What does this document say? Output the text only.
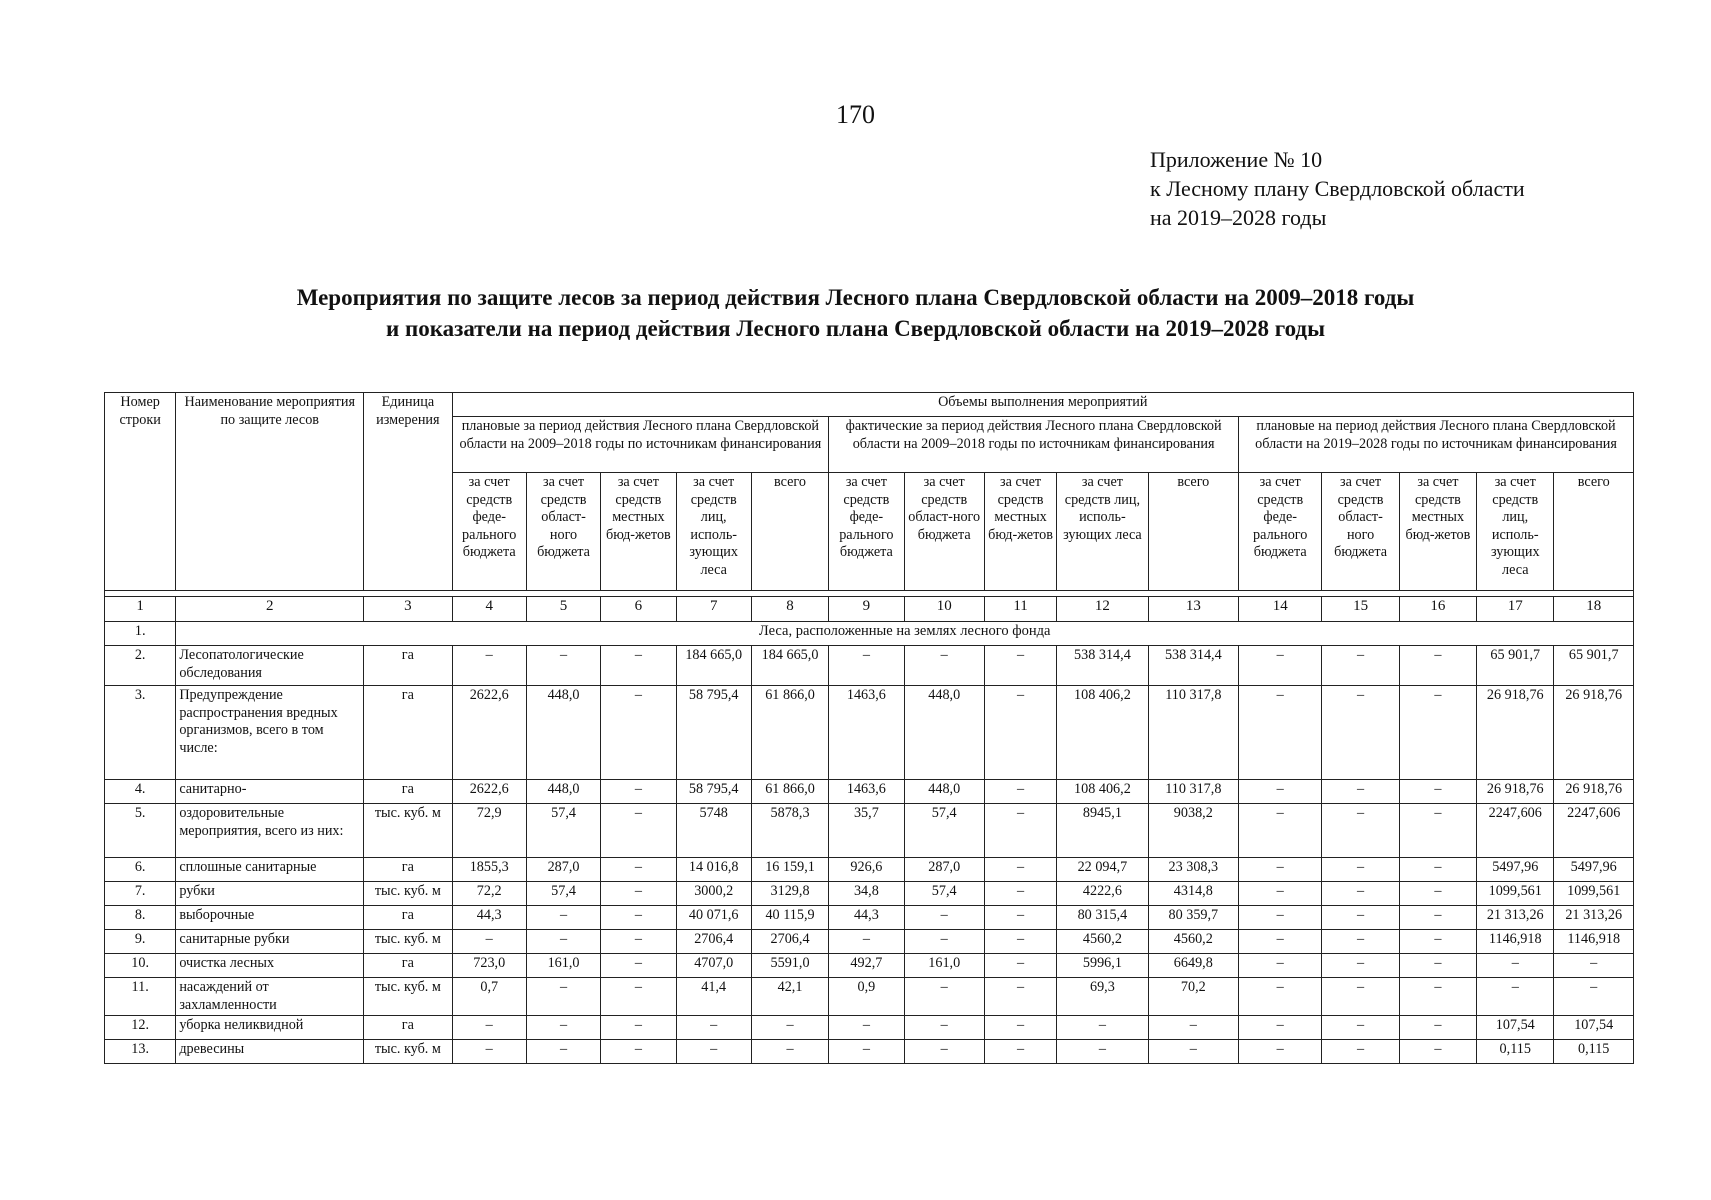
170
Приложение № 10
к Лесному плану Свердловской области
на 2019–2028 годы
Мероприятия по защите лесов за период действия Лесного плана Свердловской области на 2009–2018 годы
и показатели на период действия Лесного плана Свердловской области на 2019–2028 годы
Номер строки	Наименование мероприятия по защите лесов	Единица измерения	Объемы выполнения мероприятий														
			плановые за период действия Лесного плана Свердловской области на 2009–2018 годы по источникам финансирования					фактические за период действия Лесного плана Свердловской области на 2009–2018 годы по источникам финансирования					плановые на период действия Лесного плана Свердловской области на 2019–2028 годы по источникам финансирования				
			за счет средств феде-рального бюджета	за счет средств област-ного бюджета	за счет средств местных бюд-жетов	за счет средств лиц, исполь-зующих леса	всего	за счет средств феде-рального бюджета	за счет средств област-ного бюджета	за счет средств местных бюд-жетов	за счет средств лиц, исполь-зующих леса	всего	за счет средств феде-рального бюджета	за счет средств област-ного бюджета	за счет средств местных бюд-жетов	за счет средств лиц, исполь-зующих леса	всего

1	2	3	4	5	6	7	8	9	10	11	12	13	14	15	16	17	18
1.	Леса, расположенные на землях лесного фонда																
2.	Лесопатологические обследования	га	–	–	–	184 665,0	184 665,0	–	–	–	538 314,4	538 314,4	–	–	–	65 901,7	65 901,7
3.	Предупреждение распространения вредных организмов, всего в том числе:	га	2622,6	448,0	–	58 795,4	61 866,0	1463,6	448,0	–	108 406,2	110 317,8	–	–	–	26 918,76	26 918,76
4.	санитарно-	га	2622,6	448,0	–	58 795,4	61 866,0	1463,6	448,0	–	108 406,2	110 317,8	–	–	–	26 918,76	26 918,76
5.	оздоровительные мероприятия, всего из них:	тыс. куб. м	72,9	57,4	–	5748	5878,3	35,7	57,4	–	8945,1	9038,2	–	–	–	2247,606	2247,606
6.	сплошные санитарные	га	1855,3	287,0	–	14 016,8	16 159,1	926,6	287,0	–	22 094,7	23 308,3	–	–	–	5497,96	5497,96
7.	рубки	тыс. куб. м	72,2	57,4	–	3000,2	3129,8	34,8	57,4	–	4222,6	4314,8	–	–	–	1099,561	1099,561
8.	выборочные	га	44,3	–	–	40 071,6	40 115,9	44,3	–	–	80 315,4	80 359,7	–	–	–	21 313,26	21 313,26
9.	санитарные рубки	тыс. куб. м	–	–	–	2706,4	2706,4	–	–	–	4560,2	4560,2	–	–	–	1146,918	1146,918
10.	очистка лесных	га	723,0	161,0	–	4707,0	5591,0	492,7	161,0	–	5996,1	6649,8	–	–	–	–	–
11.	насаждений от захламленности	тыс. куб. м	0,7	–	–	41,4	42,1	0,9	–	–	69,3	70,2	–	–	–	–	–
12.	уборка неликвидной	га	–	–	–	–	–	–	–	–	–	–	–	–	–	107,54	107,54
13.	древесины	тыс. куб. м	–	–	–	–	–	–	–	–	–	–	–	–	–	0,115	0,115
